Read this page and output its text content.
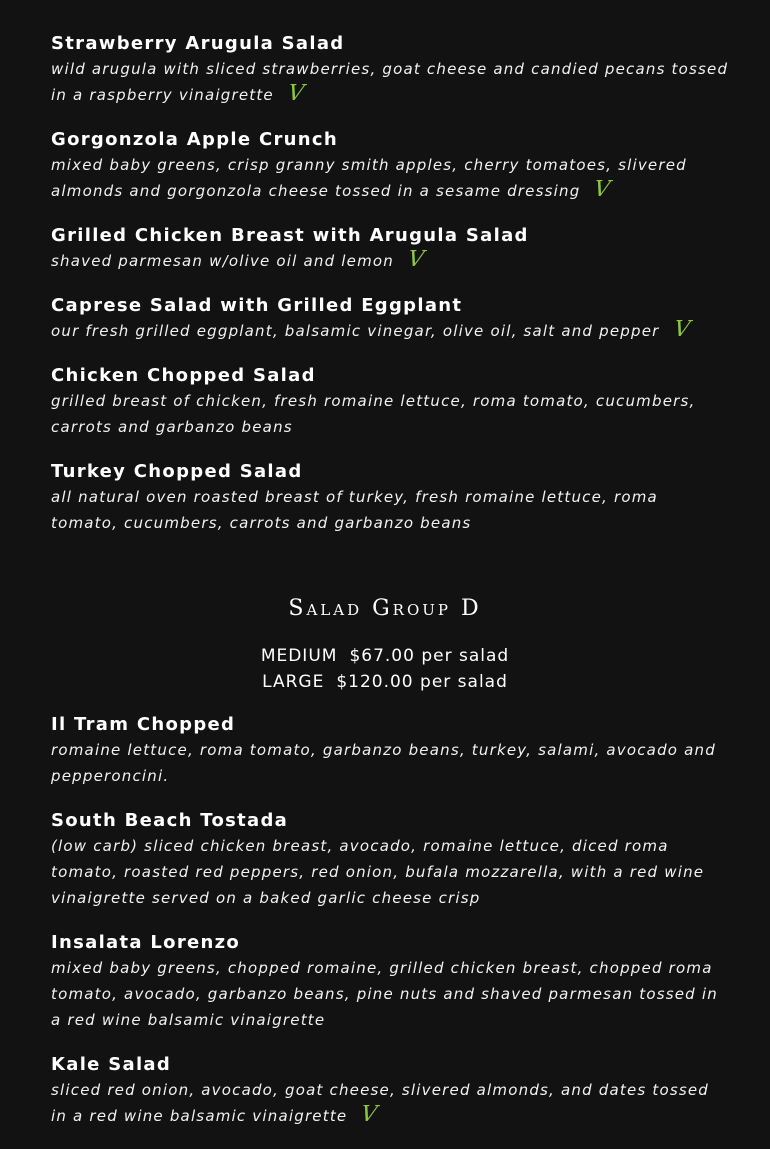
Strawberry Arugula Salad
wild arugula with sliced strawberries, goat cheese and candied pecans tossed in a raspberry vinaigrette V
Gorgonzola Apple Crunch
mixed baby greens, crisp granny smith apples, cherry tomatoes, slivered almonds and gorgonzola cheese tossed in a sesame dressing V
Grilled Chicken Breast with Arugula Salad
shaved parmesan w/olive oil and lemon V
Caprese Salad with Grilled Eggplant
our fresh grilled eggplant, balsamic vinegar, olive oil, salt and pepper V
Chicken Chopped Salad
grilled breast of chicken, fresh romaine lettuce, roma tomato, cucumbers, carrots and garbanzo beans
Turkey Chopped Salad
all natural oven roasted breast of turkey, fresh romaine lettuce, roma tomato, cucumbers, carrots and garbanzo beans
Salad Group D
MEDIUM $67.00 per salad
LARGE $120.00 per salad
Il Tram Chopped
romaine lettuce, roma tomato, garbanzo beans, turkey, salami, avocado and pepperoncini.
South Beach Tostada
(low carb) sliced chicken breast, avocado, romaine lettuce, diced roma tomato, roasted red peppers, red onion, bufala mozzarella, with a red wine vinaigrette served on a baked garlic cheese crisp
Insalata Lorenzo
mixed baby greens, chopped romaine, grilled chicken breast, chopped roma tomato, avocado, garbanzo beans, pine nuts and shaved parmesan tossed in a red wine balsamic vinaigrette
Kale Salad
sliced red onion, avocado, goat cheese, slivered almonds, and dates tossed in a red wine balsamic vinaigrette V
